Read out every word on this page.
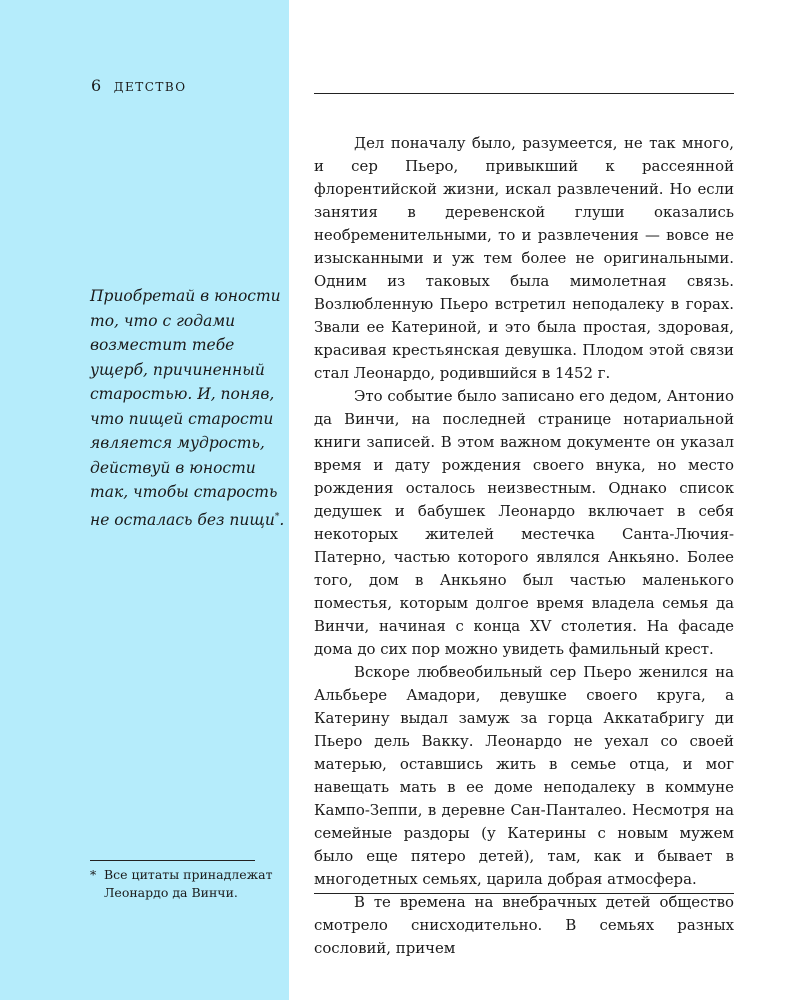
6 ДЕТСТВО

Приобретай в юности то, что с годами возместит тебе ущерб, причиненный старостью. И, поняв, что пищей старости является мудрость, действуй в юности так, чтобы старость не осталась без пищи*.

* Все цитаты принадлежат
Леонардо да Винчи.

Дел поначалу было, разумеется, не так много, и сер Пьеро, привыкший к рассеянной флорентийской жизни, искал развлечений. Но если занятия в деревенской глуши оказались необременительными, то и развлечения — вовсе не изысканными и уж тем более не оригинальными. Одним из таковых была мимолетная связь. Возлюбленную Пьеро встретил неподалеку в горах. Звали ее Катериной, и это была простая, здоровая, красивая крестьянская девушка. Плодом этой связи стал Леонардо, родившийся в 1452 г.

Это событие было записано его дедом, Антонио да Винчи, на последней странице нотариальной книги записей. В этом важном документе он указал время и дату рождения своего внука, но место рождения осталось неизвестным. Однако список дедушек и бабушек Леонардо включает в себя некоторых жителей местечка Санта-Лючия-Патерно, частью которого являлся Анкьяно. Более того, дом в Анкьяно был частью маленького поместья, которым долгое время владела семья да Винчи, начиная с конца XV столетия. На фасаде дома до сих пор можно увидеть фамильный крест.

Вскоре любвеобильный сер Пьеро женился на Альбьере Амадори, девушке своего круга, а Катерину выдал замуж за горца Аккатабригу ди Пьеро дель Вакку. Леонардо не уехал со своей матерью, оставшись жить в семье отца, и мог навещать мать в ее доме неподалеку в коммуне Кампо-Зеппи, в деревне Сан-Панталео. Несмотря на семейные раздоры (у Катерины с новым мужем было еще пятеро детей), там, как и бывает в многодетных семьях, царила добрая атмосфера.

В те времена на внебрачных детей общество смотрело снисходительно. В семьях разных сословий, причем
